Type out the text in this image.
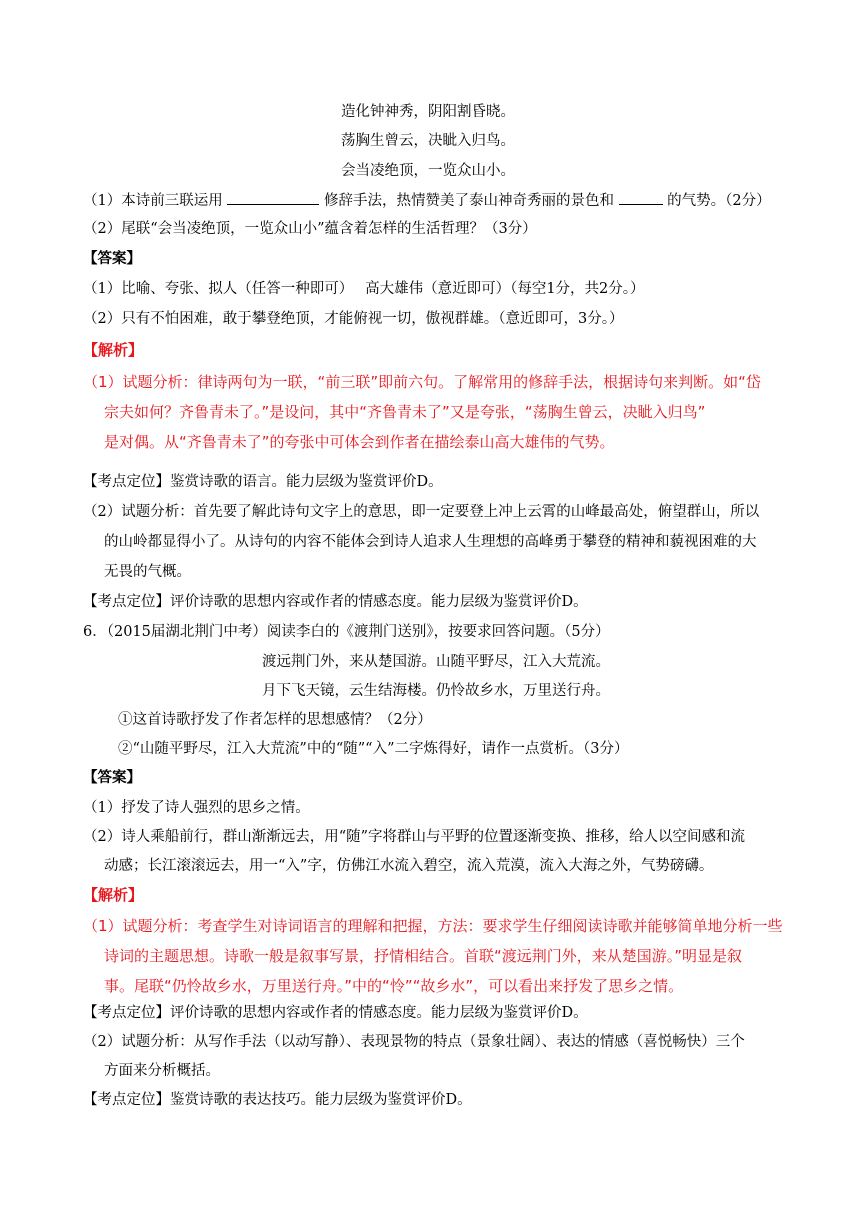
造化钟神秀，阴阳割昏晓。
荡胸生曾云，决眦入归鸟。
会当凌绝顶，一览众山小。
（1）本诗前三联运用	修辞手法，热情赞美了泰山神奇秀丽的景色和	的气势。（2分）
（2）尾联“会当凌绝顶，一览众山小”蕴含着怎样的生活哲理？（3分）
【答案】
（1）比喻、夸张、拟人（任答一种即可）　 高大雄伟（意近即可）（每空1分，共2分。）
（2）只有不怕困难，敢于攀登绝顶，才能俯视一切，傲视群雄。（意近即可，3分。）
【解析】
（1）试题分析：律诗两句为一联，“前三联”即前六句。了解常用的修辞手法，根据诗句来判断。如“岱
宗夫如何？齐鲁青未了。”是设问，其中“齐鲁青未了”又是夸张，“荡胸生曾云，决眦入归鸟”
是对偶。从“齐鲁青未了”的夸张中可体会到作者在描绘泰山高大雄伟的气势。
【考点定位】鉴赏诗歌的语言。能力层级为鉴赏评价D。
（2）试题分析：首先要了解此诗句文字上的意思，即一定要登上冲上云霄的山峰最高处，俯望群山，所以
的山岭都显得小了。从诗句的内容不能体会到诗人追求人生理想的高峰勇于攀登的精神和藐视困难的大
无畏的气概。
【考点定位】评价诗歌的思想内容或作者的情感态度。能力层级为鉴赏评价D。
6．（2015届湖北荆门中考）阅读李白的《渡荆门送别》，按要求回答问题。（5分）
渡远荆门外，来从楚国游。山随平野尽，江入大荒流。
月下飞天镜，云生结海楼。仍怜故乡水，万里送行舟。
①这首诗歌抒发了作者怎样的思想感情？（2分）
②“山随平野尽，江入大荒流”中的“随”“入”二字炼得好，请作一点赏析。（3分）
【答案】
（1）抒发了诗人强烈的思乡之情。
（2）诗人乘船前行，群山渐渐远去，用“随”字将群山与平野的位置逐渐变换、推移，给人以空间感和流
动感；长江滚滚远去，用一“入”字，仿佛江水流入碧空，流入荒漠，流入大海之外，气势磅礴。
【解析】
（1）试题分析：考查学生对诗词语言的理解和把握，方法：要求学生仔细阅读诗歌并能够简单地分析一些
诗词的主题思想。诗歌一般是叙事写景，抒情相结合。首联“渡远荆门外，来从楚国游。”明显是叙
事。尾联“仍怜故乡水，万里送行舟。”中的“怜”“故乡水”，可以看出来抒发了思乡之情。
【考点定位】评价诗歌的思想内容或作者的情感态度。能力层级为鉴赏评价D。
（2）试题分析：从写作手法（以动写静）、表现景物的特点（景象壮阔）、表达的情感（喜悦畅快）三个
方面来分析概括。
【考点定位】鉴赏诗歌的表达技巧。能力层级为鉴赏评价D。
